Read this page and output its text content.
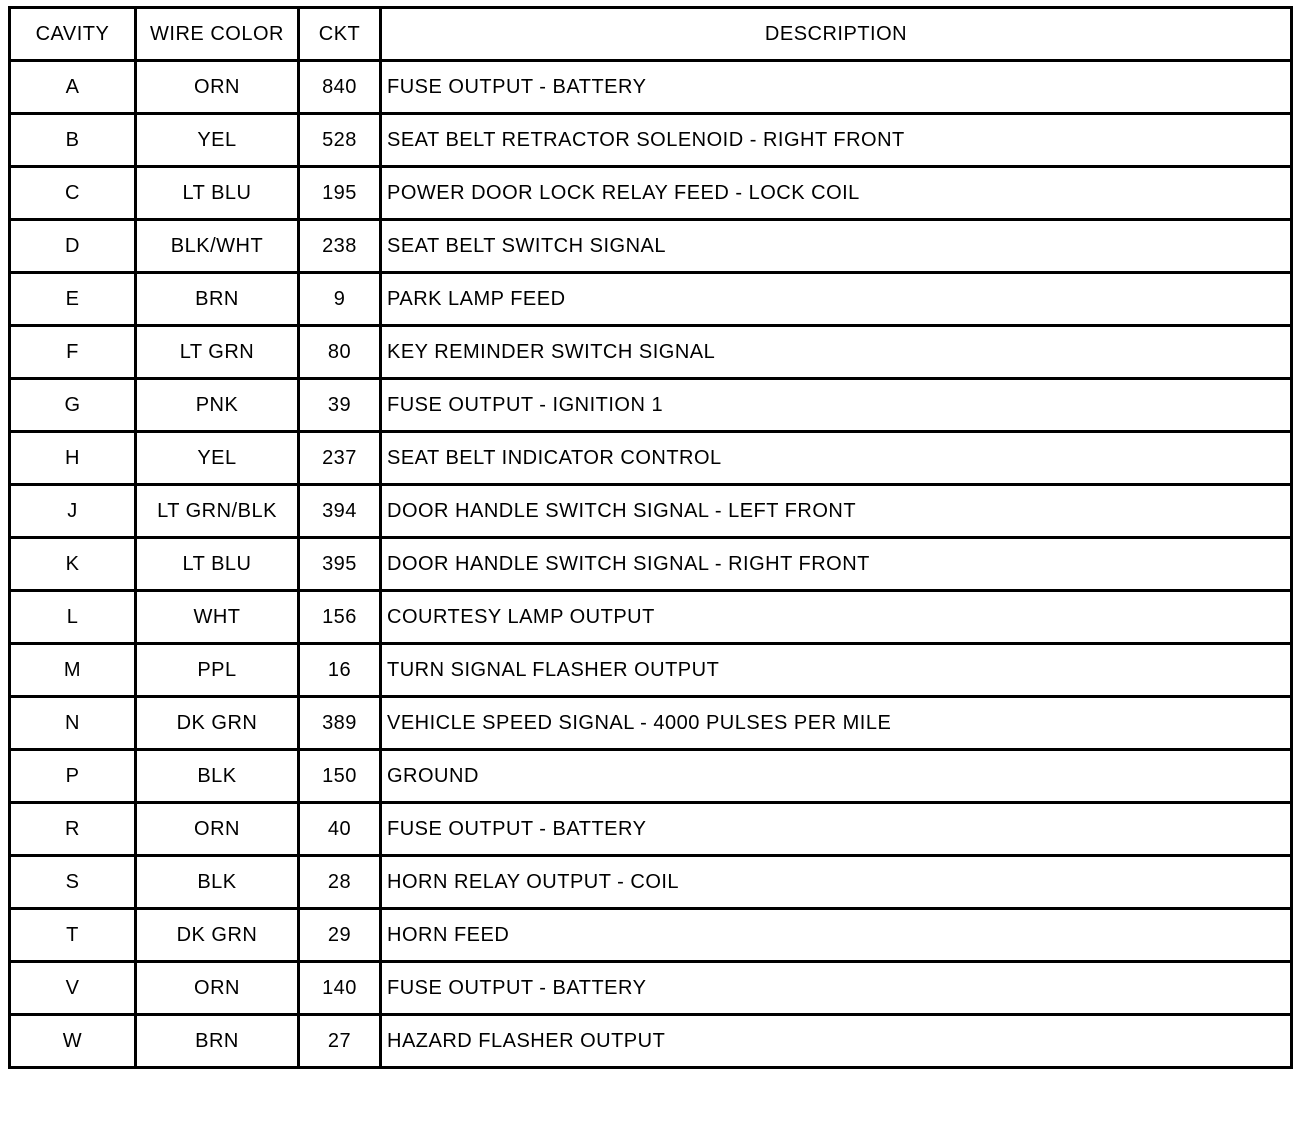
CAVITY	WIRE COLOR	CKT	DESCRIPTION
A	ORN	840	FUSE OUTPUT - BATTERY
B	YEL	528	SEAT BELT RETRACTOR SOLENOID - RIGHT FRONT
C	LT BLU	195	POWER DOOR LOCK RELAY FEED - LOCK COIL
D	BLK/WHT	238	SEAT BELT SWITCH SIGNAL
E	BRN	9	PARK LAMP FEED
F	LT GRN	80	KEY REMINDER SWITCH SIGNAL
G	PNK	39	FUSE OUTPUT - IGNITION 1
H	YEL	237	SEAT BELT INDICATOR CONTROL
J	LT GRN/BLK	394	DOOR HANDLE SWITCH SIGNAL - LEFT FRONT
K	LT BLU	395	DOOR HANDLE SWITCH SIGNAL - RIGHT FRONT
L	WHT	156	COURTESY LAMP OUTPUT
M	PPL	16	TURN SIGNAL FLASHER OUTPUT
N	DK GRN	389	VEHICLE SPEED SIGNAL - 4000 PULSES PER MILE
P	BLK	150	GROUND
R	ORN	40	FUSE OUTPUT - BATTERY
S	BLK	28	HORN RELAY OUTPUT - COIL
T	DK GRN	29	HORN FEED
V	ORN	140	FUSE OUTPUT - BATTERY
W	BRN	27	HAZARD FLASHER OUTPUT
